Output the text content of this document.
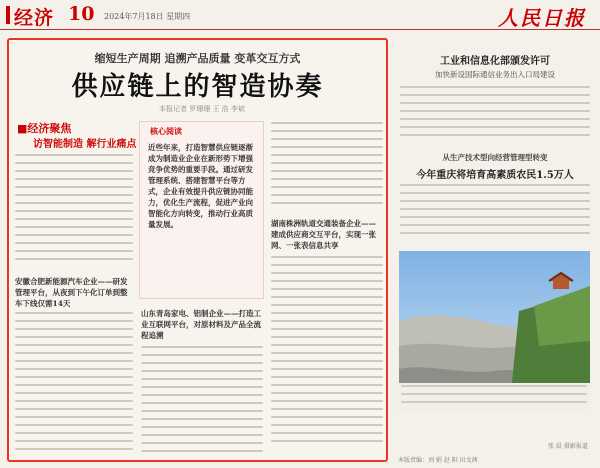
经济 10 2024年7月18日 星期四	人民日报
缩短生产周期 追溯产品质量 变革交互方式
供应链上的智造协奏
本报记者 罗珊珊 王 浩 李斌
■经济聚焦
访智能制造 解行业痛点
安徽合肥新能源汽车企业——研发管理平台，从夜到下午化订单到整车下线仅需14天
核心阅读
近些年来，打造智慧供应链逐渐成为制造业企业在新形势下增强竞争优势的重要手段。通过研发管理系统、搭建智慧平台等方式，企业有效提升供应链协同能力，优化生产流程，促进产业向智能化方向转变，推动行业高质量发展。
山东青岛家电、铝制企业——打造工业互联网平台，对原材料及产品全流程追溯
湖南株洲轨道交通装备企业——建成供应商交互平台，实现一张网、一张表信息共享
工业和信息化部颁发许可
加快新设国际通信业务出入口局建设
从生产技术型向经营管理型转变
今年重庆将培育高素质农民1.5万人
张 晨 摄影报道
本版责编：刘 娟 赵 阳 田文茜
